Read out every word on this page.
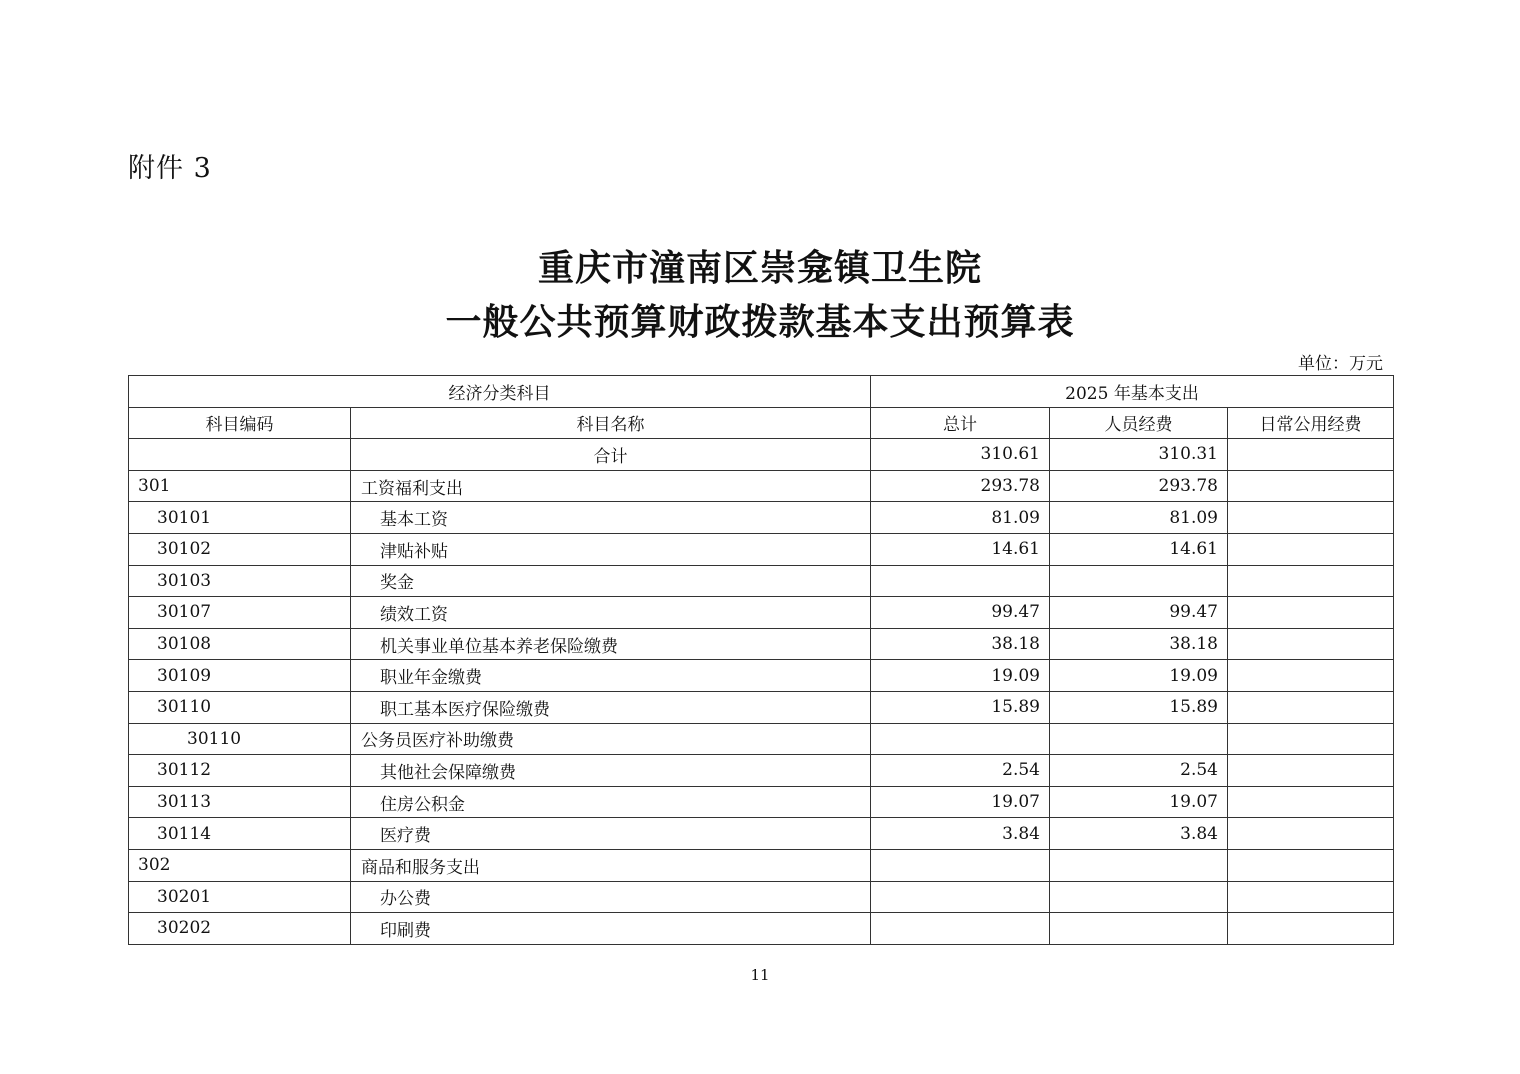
附件 3
重庆市潼南区崇龛镇卫生院
一般公共预算财政拨款基本支出预算表
单位：万元
经济分类科目		2025 年基本支出		
科目编码	科目名称	总计	人员经费	日常公用经费
	合计	310.61	310.31	
301	工资福利支出	293.78	293.78	
30101	基本工资	81.09	81.09	
30102	津贴补贴	14.61	14.61	
30103	奖金			
30107	绩效工资	99.47	99.47	
30108	机关事业单位基本养老保险缴费	38.18	38.18	
30109	职业年金缴费	19.09	19.09	
30110	职工基本医疗保险缴费	15.89	15.89	
30110	公务员医疗补助缴费			
30112	其他社会保障缴费	2.54	2.54	
30113	住房公积金	19.07	19.07	
30114	医疗费	3.84	3.84	
302	商品和服务支出			
30201	办公费			
30202	印刷费			
11
